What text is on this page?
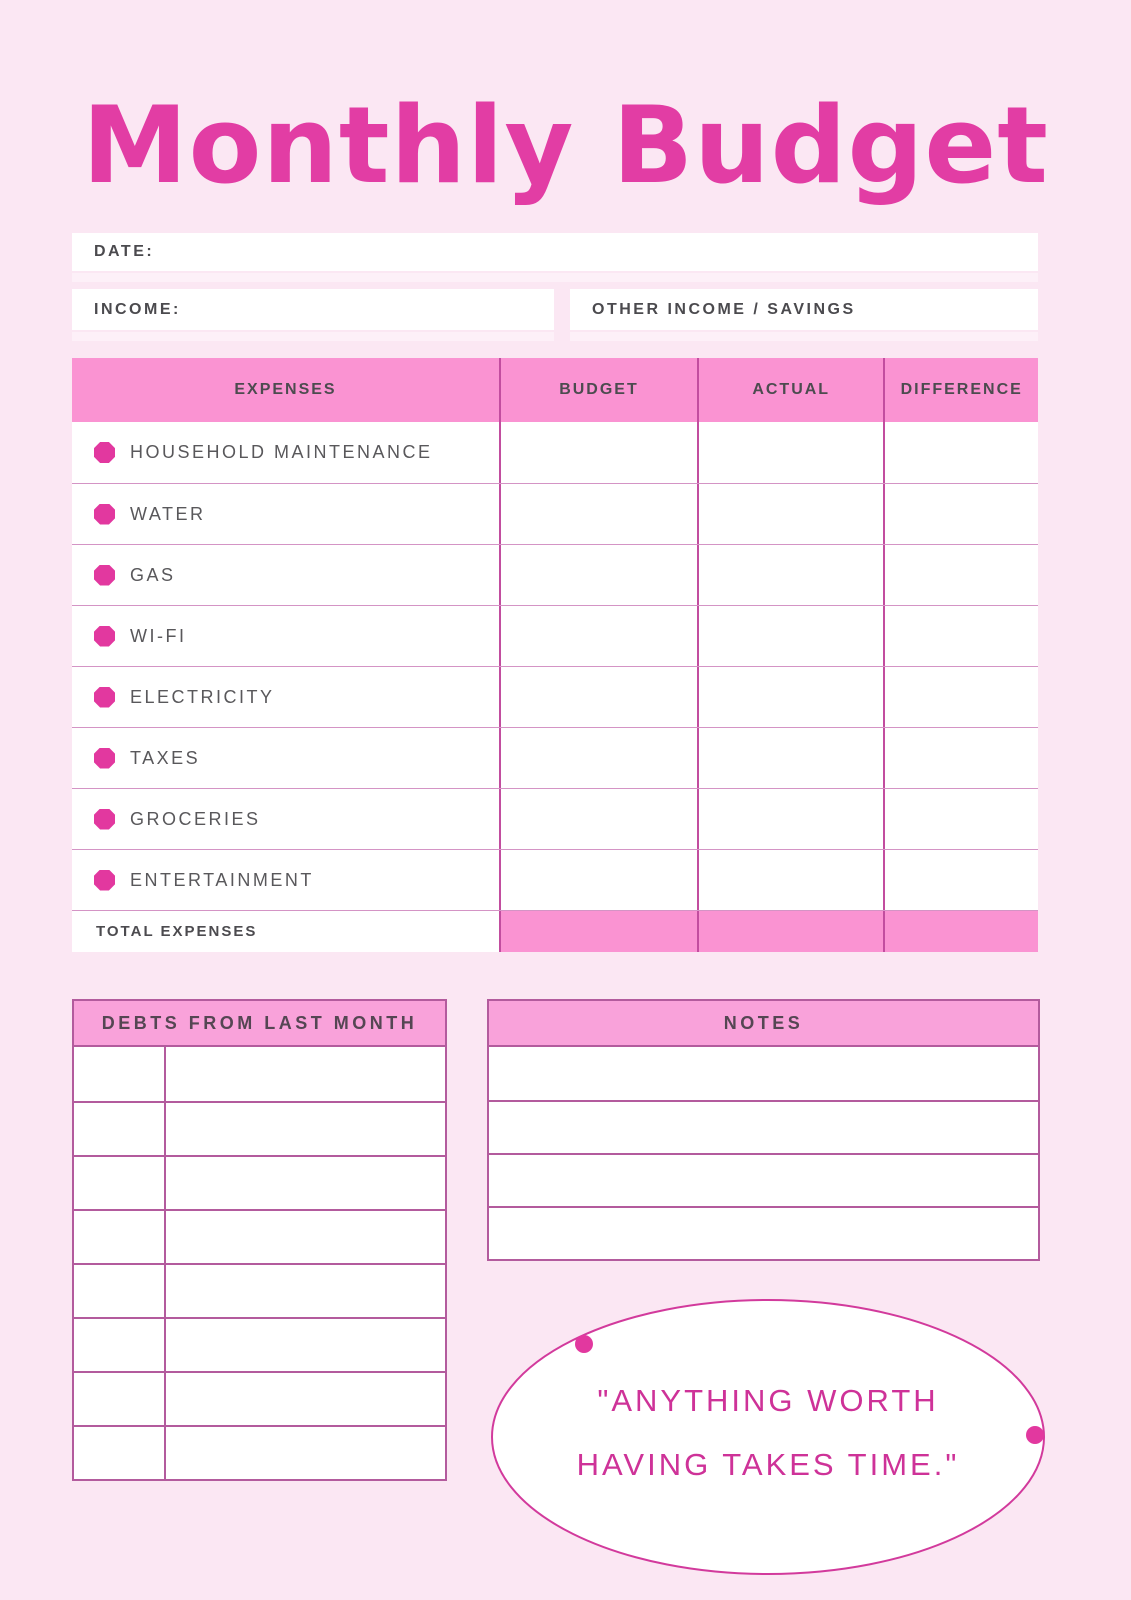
Monthly Budget
DATE:
INCOME:	OTHER INCOME / SAVINGS
EXPENSES	BUDGET	ACTUAL	DIFFERENCE
HOUSEHOLD MAINTENANCE
WATER
GAS
WI-FI
ELECTRICITY
TAXES
GROCERIES
ENTERTAINMENT
TOTAL EXPENSES
DEBTS FROM LAST MONTH	NOTES
"ANYTHING WORTH
HAVING TAKES TIME."
